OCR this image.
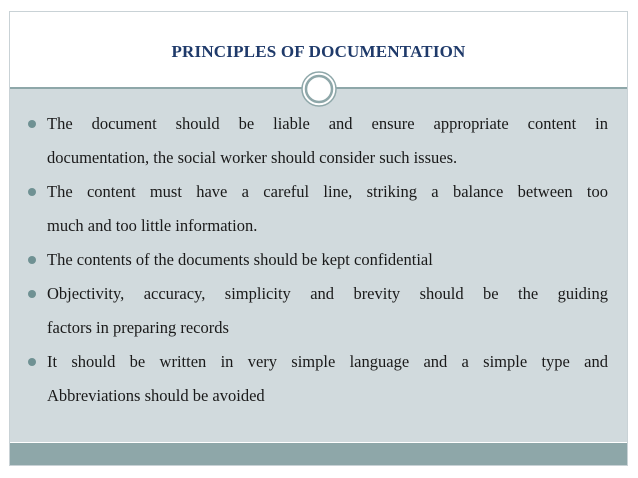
PRINCIPLES OF DOCUMENTATION
The document should be liable and ensure appropriate content in
documentation, the social worker should consider such issues.
The content must have a careful line, striking a balance between too
much and too little information.
The contents of the documents should be kept confidential
Objectivity, accuracy, simplicity and brevity should be the guiding
factors in preparing records
It should be written in very simple language and a simple type and
Abbreviations should be avoided
